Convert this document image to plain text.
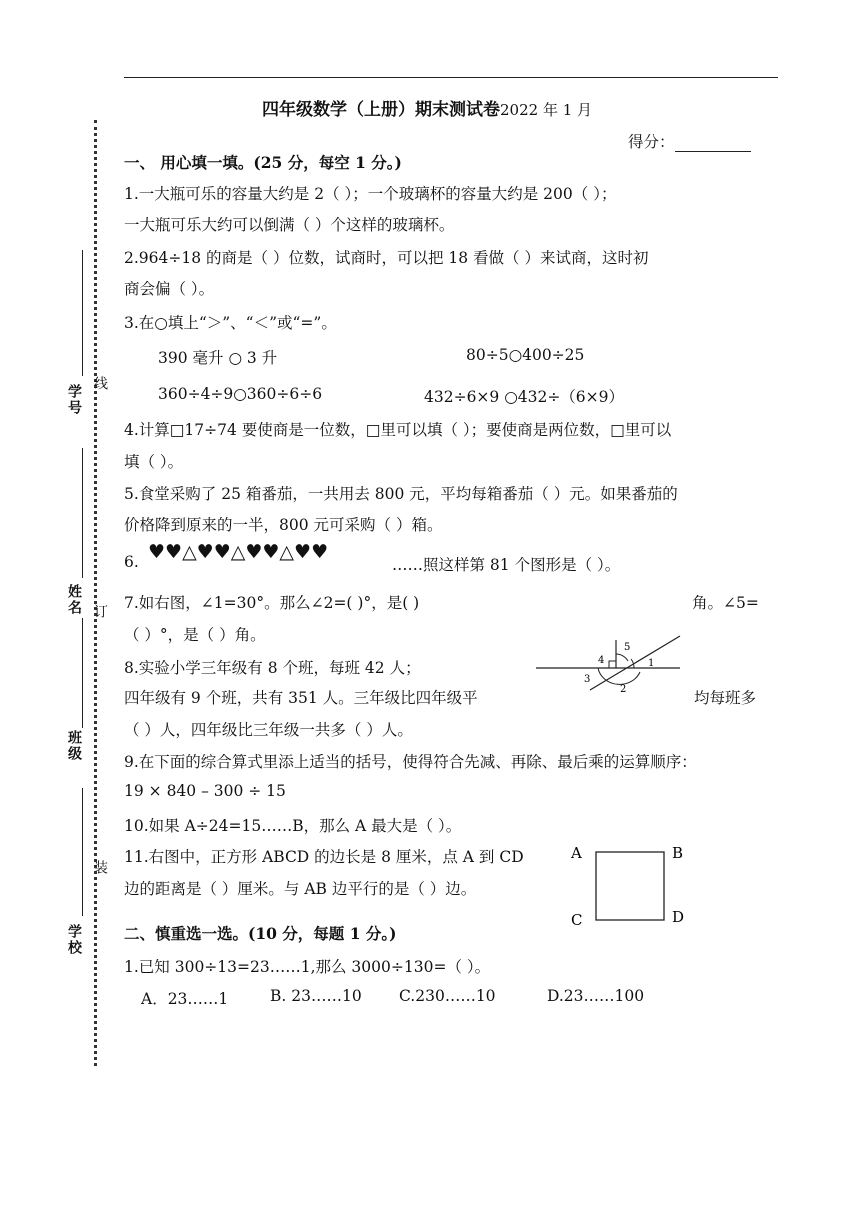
学号 线
姓名 订
班级
装
学校
四年级数学（上册）期末测试卷2022 年 1 月
得分：
一、 用心填一填。(25 分，每空 1 分。)
1.一大瓶可乐的容量大约是 2（ ）；一个玻璃杯的容量大约是 200（ ）；
一大瓶可乐大约可以倒满（ ）个这样的玻璃杯。
2.964÷18 的商是（ ）位数，试商时，可以把 18 看做（ ）来试商，这时初
商会偏（ ）。
3.在○填上“＞”、“＜”或“=”。
390 毫升 ○ 3 升	80÷5○400÷25
360÷4÷9○360÷6÷6	432÷6×9 ○432÷（6×9）
4.计算□17÷74 要使商是一位数，□里可以填（ ）；要使商是两位数，□里可以
填（ ）。
5.食堂采购了 25 箱番茄，一共用去 800 元，平均每箱番茄（ ）元。如果番茄的
价格降到原来的一半，800 元可采购（ ）箱。
6. ♥♥△♥♥△♥♥△♥♥
……照这样第 81 个图形是（ ）。
7.如右图，∠1=30°。那么∠2=( )°，是( )	角。∠5=
（ ）°，是（ ）角。
8.实验小学三年级有 8 个班，每班 42 人；
四年级有 9 个班，共有 351 人。三年级比四年级平	均每班多
（ ）人，四年级比三年级一共多（ ）人。
1
2
3
4
5
9.在下面的综合算式里添上适当的括号，使得符合先减、再除、最后乘的运算顺序：
19 × 840 – 300 ÷ 15
10.如果 A÷24=15……B，那么 A 最大是（ ）。
11.右图中，正方形 ABCD 的边长是 8 厘米，点 A 到 CD
边的距离是（ ）厘米。与 AB 边平行的是（ ）边。
A	B
C	D
二、慎重选一选。(10 分，每题 1 分。)
1.已知 300÷13=23……1,那么 3000÷130=（ ）。
A．23……1	B. 23……10 C.230……10	D.23……100
